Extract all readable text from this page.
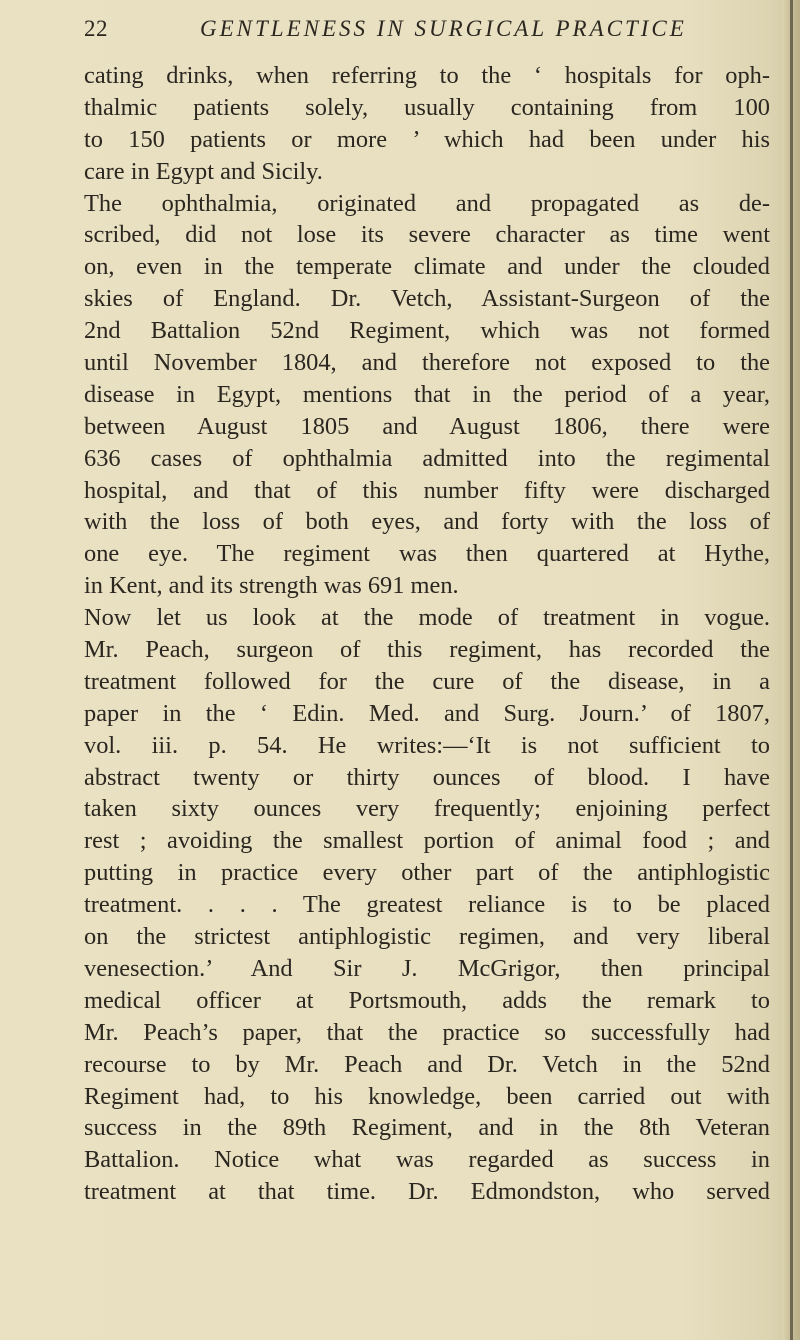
22	GENTLENESS IN SURGICAL PRACTICE
cating drinks, when referring to the ‘ hospitals for oph-
thalmic patients solely, usually containing from 100
to 150 patients or more ’ which had been under his
care in Egypt and Sicily.
The ophthalmia, originated and propagated as de-
scribed, did not lose its severe character as time went
on, even in the temperate climate and under the clouded
skies of England. Dr. Vetch, Assistant-Surgeon of the
2nd Battalion 52nd Regiment, which was not formed
until November 1804, and therefore not exposed to the
disease in Egypt, mentions that in the period of a year,
between August 1805 and August 1806, there were
636 cases of ophthalmia admitted into the regimental
hospital, and that of this number fifty were discharged
with the loss of both eyes, and forty with the loss of
one eye. The regiment was then quartered at Hythe,
in Kent, and its strength was 691 men.
Now let us look at the mode of treatment in vogue.
Mr. Peach, surgeon of this regiment, has recorded the
treatment followed for the cure of the disease, in a
paper in the ‘ Edin. Med. and Surg. Journ.’ of 1807,
vol. iii. p. 54. He writes:—‘It is not sufficient to
abstract twenty or thirty ounces of blood. I have
taken sixty ounces very frequently; enjoining perfect
rest ; avoiding the smallest portion of animal food ; and
putting in practice every other part of the antiphlogistic
treatment. . . . The greatest reliance is to be placed
on the strictest antiphlogistic regimen, and very liberal
venesection.’ And Sir J. McGrigor, then principal
medical officer at Portsmouth, adds the remark to
Mr. Peach’s paper, that the practice so successfully had
recourse to by Mr. Peach and Dr. Vetch in the 52nd
Regiment had, to his knowledge, been carried out with
success in the 89th Regiment, and in the 8th Veteran
Battalion. Notice what was regarded as success in
treatment at that time. Dr. Edmondston, who served
